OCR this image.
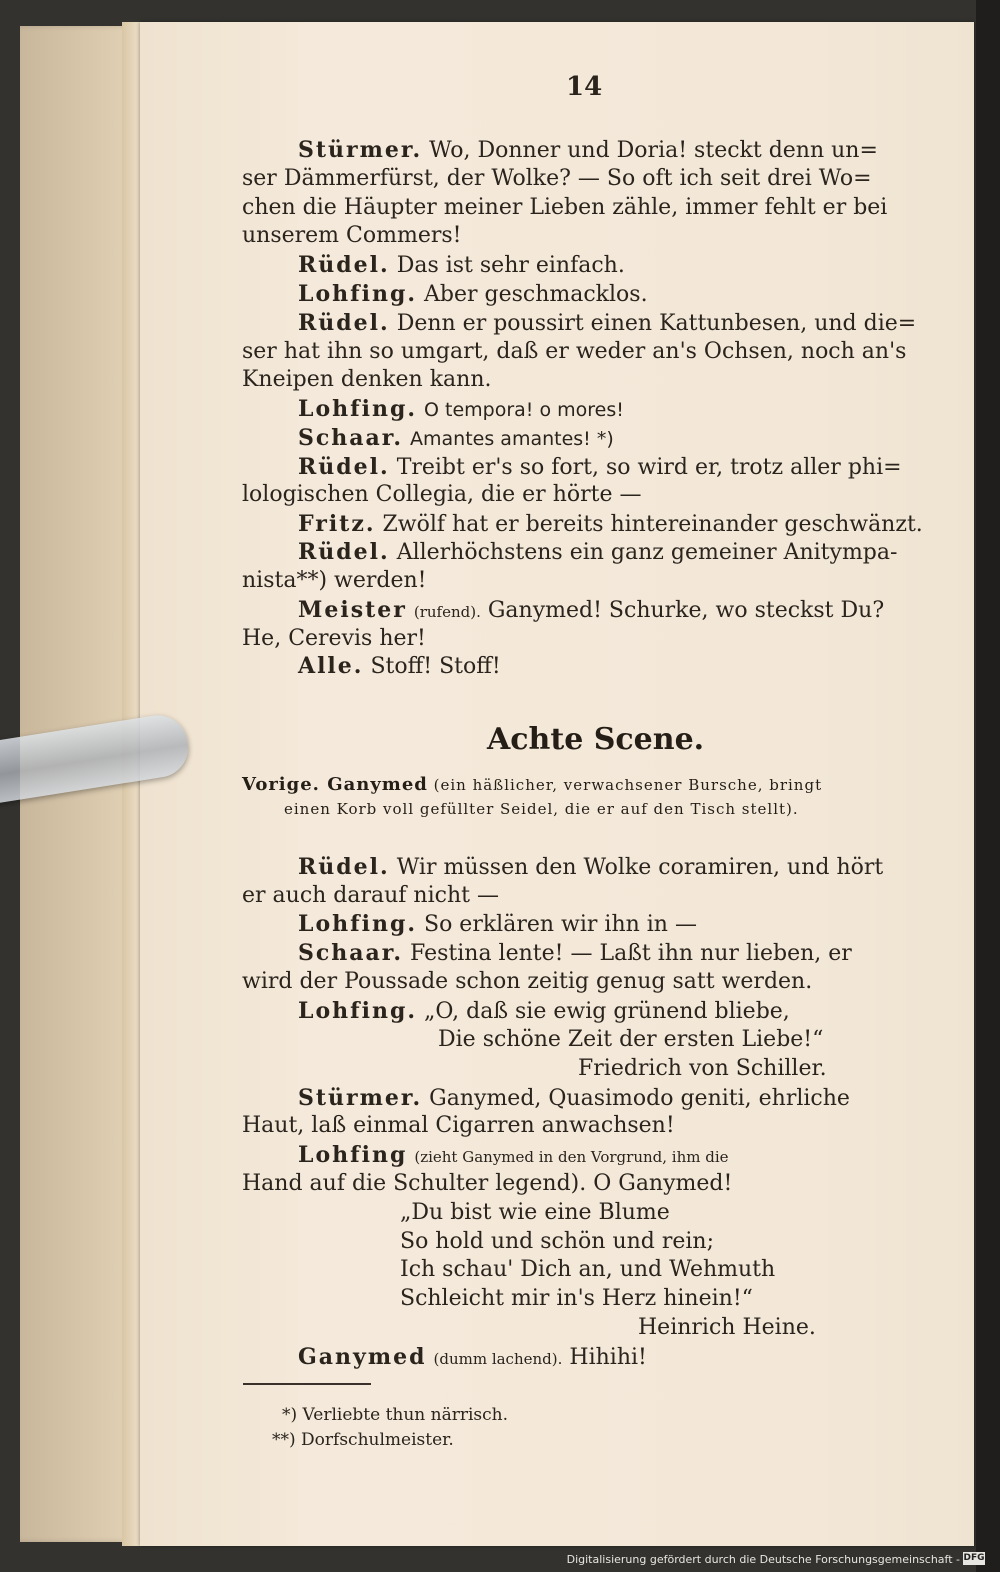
14
Stürmer. Wo, Donner und Doria! steckt denn un=
ser Dämmerfürst, der Wolke? — So oft ich seit drei Wo=
chen die Häupter meiner Lieben zähle, immer fehlt er bei
unserem Commers!
Rüdel. Das ist sehr einfach.
Lohfing. Aber geschmacklos.
Rüdel. Denn er poussirt einen Kattunbesen, und die=
ser hat ihn so umgart, daß er weder an's Ochsen, noch an's
Kneipen denken kann.
Lohfing. O tempora! o mores!
Schaar. Amantes amantes! *)
Rüdel. Treibt er's so fort, so wird er, trotz aller phi=
lologischen Collegia, die er hörte —
Fritz. Zwölf hat er bereits hintereinander geschwänzt.
Rüdel. Allerhöchstens ein ganz gemeiner Anitympa-
nista**) werden!
Meister (rufend). Ganymed! Schurke, wo steckst Du?
He, Cerevis her!
Alle. Stoff! Stoff!
Achte Scene.
Vorige. Ganymed (ein häßlicher, verwachsener Bursche, bringt
einen Korb voll gefüllter Seidel, die er auf den Tisch stellt).
Rüdel. Wir müssen den Wolke coramiren, und hört
er auch darauf nicht —
Lohfing. So erklären wir ihn in —
Schaar. Festina lente! — Laßt ihn nur lieben, er
wird der Poussade schon zeitig genug satt werden.
Lohfing. „O, daß sie ewig grünend bliebe,
Die schöne Zeit der ersten Liebe!“
Friedrich von Schiller.
Stürmer. Ganymed, Quasimodo geniti, ehrliche
Haut, laß einmal Cigarren anwachsen!
Lohfing (zieht Ganymed in den Vorgrund, ihm die
Hand auf die Schulter legend). O Ganymed!
„Du bist wie eine Blume
So hold und schön und rein;
Ich schau' Dich an, und Wehmuth
Schleicht mir in's Herz hinein!“
Heinrich Heine.
Ganymed (dumm lachend). Hihihi!
*) Verliebte thun närrisch.
**) Dorfschulmeister.
Digitalisierung gefördert durch die Deutsche Forschungsgemeinschaft - DFG
